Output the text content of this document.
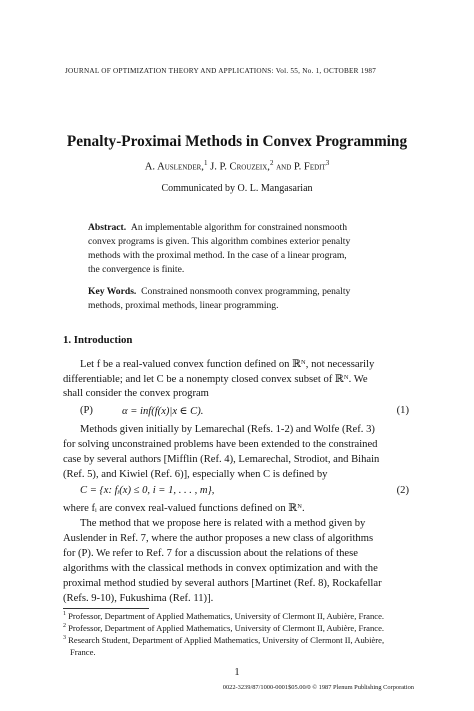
JOURNAL OF OPTIMIZATION THEORY AND APPLICATIONS: Vol. 55, No. 1, OCTOBER 1987
Penalty-Proximai Methods in Convex Programming
A. Auslender,$^1$ J. P. Crouzeix,$^2$ and P. Fedit$^3$
Communicated by O. L. Mangasarian
Abstract. An implementable algorithm for constrained nonsmooth
convex programs is given. This algorithm combines exterior penalty
methods with the proximal method. In the case of a linear program,
the convergence is finite.
Key Words. Constrained nonsmooth convex programming, penalty
methods, proximal methods, linear programming.
1. Introduction
Let f be a real-valued convex function defined on ℝᴺ, not necessarily
differentiable; and let C be a nonempty closed convex subset of ℝᴺ. We
shall consider the convex program
(P)	α = inf(f(x)|x ∈ C).	(1)
Methods given initially by Lemarechal (Refs. 1-2) and Wolfe (Ref. 3)
for solving unconstrained problems have been extended to the constrained
case by several authors [Mifflin (Ref. 4), Lemarechal, Strodiot, and Bihain
(Ref. 5), and Kiwiel (Ref. 6)], especially when C is defined by
C = {x: fᵢ(x) ≤ 0, i = 1, . . . , m},	(2)
where fᵢ are convex real-valued functions defined on ℝᴺ.
The method that we propose here is related with a method given by
Auslender in Ref. 7, where the author proposes a new class of algorithms
for (P). We refer to Ref. 7 for a discussion about the relations of these
algorithms with the classical methods in convex optimization and with the
proximal method studied by several authors [Martinet (Ref. 8), Rockafellar
(Refs. 9-10), Fukushima (Ref. 11)].
$^1$ Professor, Department of Applied Mathematics, University of Clermont II, Aubière, France.
$^2$ Professor, Department of Applied Mathematics, University of Clermont II, Aubière, France.
$^3$ Research Student, Department of Applied Mathematics, University of Clermont II, Aubière,
France.
1
0022-3239/87/1000-0001$05.00/0 © 1987 Plenum Publishing Corporation
